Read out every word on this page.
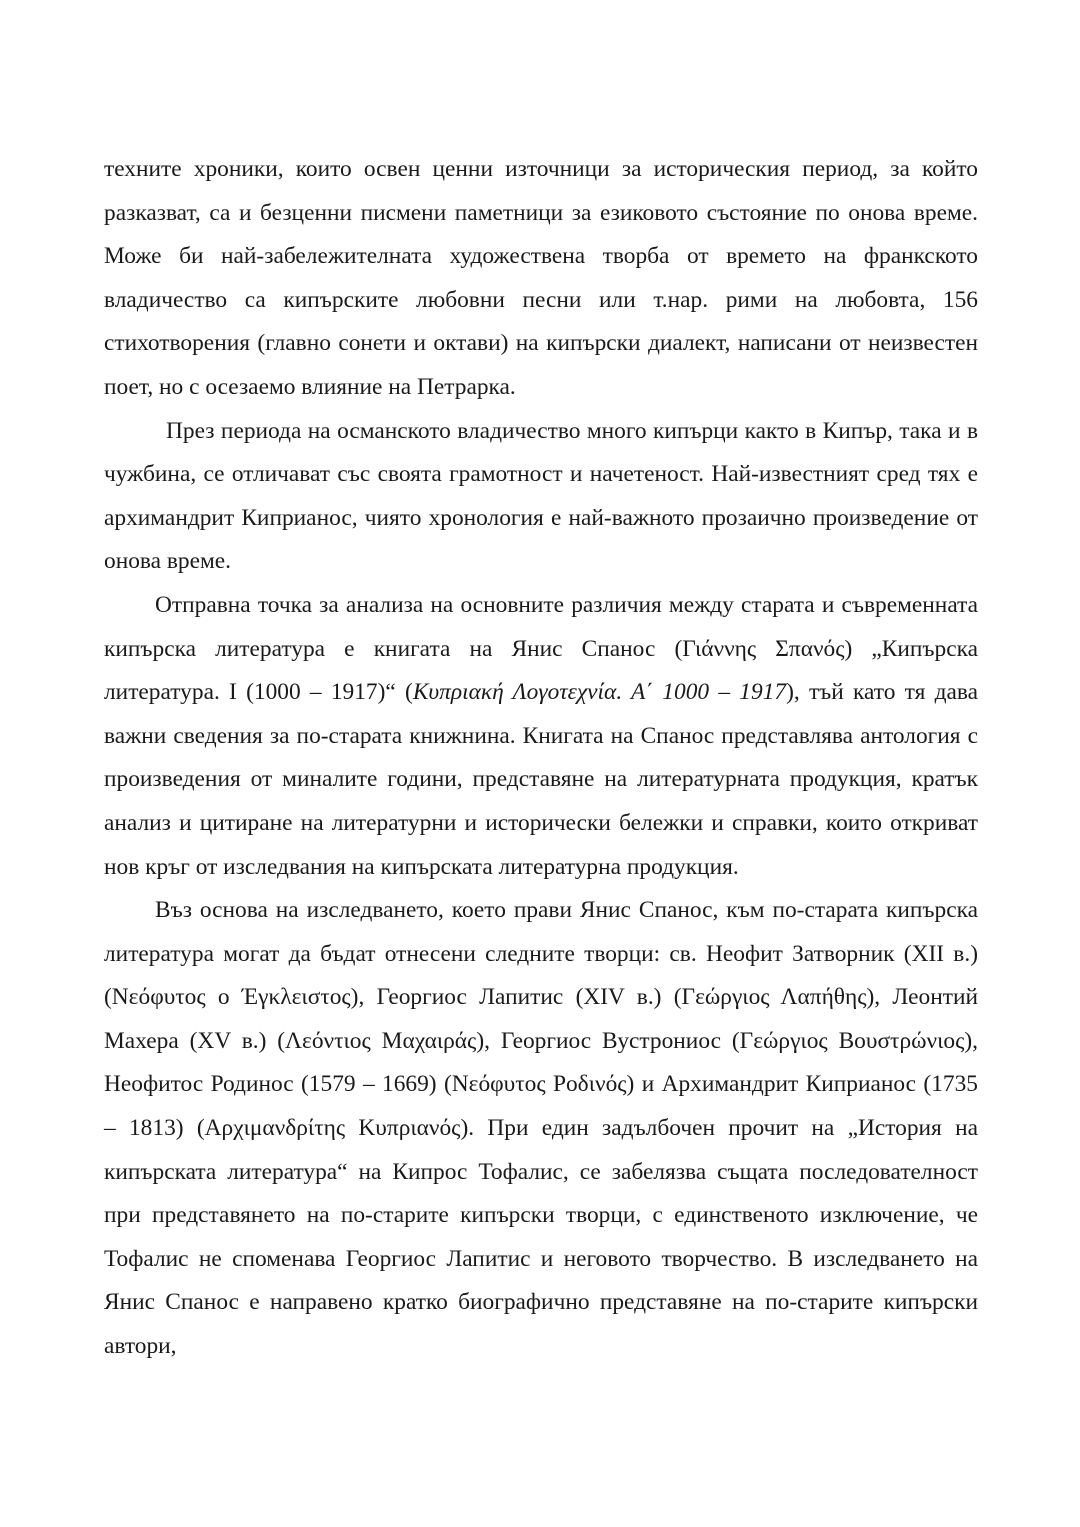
техните хроники, които освен ценни източници за историческия период, за който разказват, са и безценни писмени паметници за езиковото състояние по онова време. Може би най-забележителната художествена творба от времето на франкското владичество са кипърските любовни песни или т.нар. рими на любовта, 156 стихотворения (главно сонети и октави) на кипърски диалект, написани от неизвестен поет, но с осезаемо влияние на Петрарка.

През периода на османското владичество много кипърци както в Кипър, така и в чужбина, се отличават със своята грамотност и начетеност. Най-известният сред тях е архимандрит Киприанос, чиято хронология е най-важното прозаично произведение от онова време.

Отправна точка за анализа на основните различия между старата и съвременната кипърска литература е книгата на Янис Спанос (Γιάννης Σπανός) „Кипърска литература. I (1000 – 1917)“ (Κυπριακή Λογοτεχνία. Α΄ 1000 – 1917), тъй като тя дава важни сведения за по-старата книжнина. Книгата на Спанос представлява антология с произведения от миналите години, представяне на литературната продукция, кратък анализ и цитиране на литературни и исторически бележки и справки, които откриват нов кръг от изследвания на кипърската литературна продукция.

Въз основа на изследването, което прави Янис Спанос, към по-старата кипърска литература могат да бъдат отнесени следните творци: св. Неофит Затворник (XII в.) (Νεόφυτος ο Έγκλειστος), Георгиос Лапитис (XIV в.) (Γεώργιος Λαπήθης), Леонтий Махера (XV в.) (Λεόντιος Μαχαιράς), Георгиос Вустрониос (Γεώργιος Βουστρώνιος), Неофитос Родинос (1579 – 1669) (Νεόφυτος Ροδινός) и Архимандрит Киприанос (1735 – 1813) (Αρχιμανδρίτης Κυπριανός). При един задълбочен прочит на „История на кипърската литература“ на Кипрос Тофалис, се забелязва същата последователност при представянето на по-старите кипърски творци, с единственото изключение, че Тофалис не споменава Георгиос Лапитис и неговото творчество. В изследването на Янис Спанос е направено кратко биографично представяне на по-старите кипърски автори,
